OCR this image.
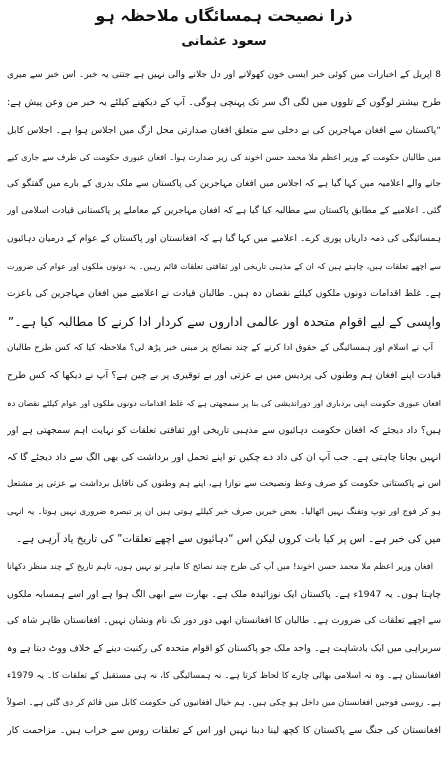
ذرا نصیحت ہمسائگاں ملاحظہ ہو
سعود عثمانی
8 اپریل کے اخبارات میں کوئی خبر ایسی خون کھولانے اور دل جلانے والی نہیں ہے جتنی یہ خبر۔ اس خبر سے میری
طرح بیشتر لوگوں کے تلووں میں لگی اگ سر تک پہنچی ہوگی۔ آپ کے دیکھنے کیلئے یہ خبر من وعن پیش ہے:
“پاکستان سے افغان مہاجرین کی بے دخلی سے متعلق افغان صدارتی محل ارگ میں اجلاس ہوا ہے۔ اجلاس کابل
میں طالبان حکومت کے وزیر اعظم ملا محمد حسن اخوند کی زیر صدارت ہوا۔ افغان عبوری حکومت کی طرف سے جاری کیے
جانے والے اعلامیہ میں کہا گیا ہے کہ اجلاس میں افغان مہاجرین کی پاکستان سے ملک بدری کے بارے میں گفتگو کی
گئی۔ اعلامیے کے مطابق پاکستان سے مطالبہ کیا گیا ہے کہ افغان مہاجرین کے معاملے پر پاکستانی قیادت اسلامی اور
ہمسائیگی کی ذمہ داریاں پوری کرے۔ اعلامیے میں کہا گیا ہے کہ افغانستان اور پاکستان کے عوام کے درمیان دہائیوں
سے اچھے تعلقات ہیں، چاہتے ہیں کہ ان کے مذہبی تاریخی اور ثقافتی تعلقات قائم رہیں۔ یہ دونوں ملکوں اور عوام کی ضرورت
ہے۔ غلط اقدامات دونوں ملکوں کیلئے نقصان دہ ہیں۔ طالبان قیادت نے اعلامیے میں افغان مہاجرین کی باعزت
واپسی کے لیے اقوام متحدہ اور عالمی اداروں سے کردار ادا کرنے کا مطالبہ کیا ہے۔”
آپ نے اسلام اور ہمسائیگی کے حقوق ادا کرنے کے چند نصائح پر مبنی خبر پڑھ لی؟ ملاحظہ کیا کہ کس طرح طالبان
قیادت اپنے افغان ہم وطنوں کی پردیس میں بے عزتی اور بے توقیری پر بے چین ہے؟ آپ نے دیکھا کہ کس طرح
افغان عبوری حکومت اپنی بردباری اور دوراندیشی کی بنا پر سمجھتی ہے کہ غلط اقدامات دونوں ملکوں اور عوام کیلئے نقصان دہ
ہیں؟ داد دیجئے کہ افغان حکومت دہائیوں سے مذہبی تاریخی اور ثقافتی تعلقات کو نہایت اہم سمجھتی ہے اور
انہیں بچانا چاہتی ہے۔ جب آپ ان کی داد دے چکیں تو اپنے تحمل اور برداشت کی بھی الگ سے داد دیجئے گا کہ
اس نے پاکستانی حکومت کو صرف وعظ ونصیحت سے نوازا ہے، اپنے ہم وطنوں کی ناقابل برداشت بے عزتی پر مشتعل
ہو کر فوج اور توپ وتفنگ نہیں اٹھالیا۔ بعض خبریں صرف خبر کیلئے ہوتی ہیں ان پر تبصرہ ضروری نہیں ہوتا۔ یہ انہی
میں کی خبر ہے۔ اس پر کیا بات کروں لیکن اس “دہائیوں سے اچھے تعلقات” کی تاریخ یاد آرہی ہے۔
افغان وزیر اعظم ملا محمد حسن اخوند! میں آپ کی طرح چند نصائح کا ماہر تو نہیں ہوں، تاہم تاریخ کے چند منظر دکھانا
چاہتا ہوں۔ یہ 1947ء ہے۔ پاکستان ایک نوزائیدہ ملک ہے۔ بھارت سے ابھی الگ ہوا ہے اور اسے ہمسایہ ملکوں
سے اچھے تعلقات کی ضرورت ہے۔ طالبان کا افغانستان ابھی دور دور تک نام ونشان نہیں۔ افغانستان ظاہر شاہ کی
سربراہی میں ایک بادشاہت ہے۔ واحد ملک جو پاکستان کو اقوام متحدہ کی رکنیت دینے کے خلاف ووٹ دیتا ہے وہ
افغانستان ہے۔ وہ نہ اسلامی بھائی چارے کا لحاظ کرتا ہے۔ نہ ہمسائیگی کا، نہ ہی مستقبل کے تعلقات کا۔ یہ 1979ء
ہے۔ روسی فوجیں افغانستان میں داخل ہو چکی ہیں۔ ہم خیال افغانیوں کی حکومت کابل میں قائم کر دی گئی ہے۔ اصولاً
افغانستان کی جنگ سے پاکستان کا کچھ لینا دینا نہیں اور اس کے تعلقات روس سے خراب ہیں۔ مزاحمت کار
